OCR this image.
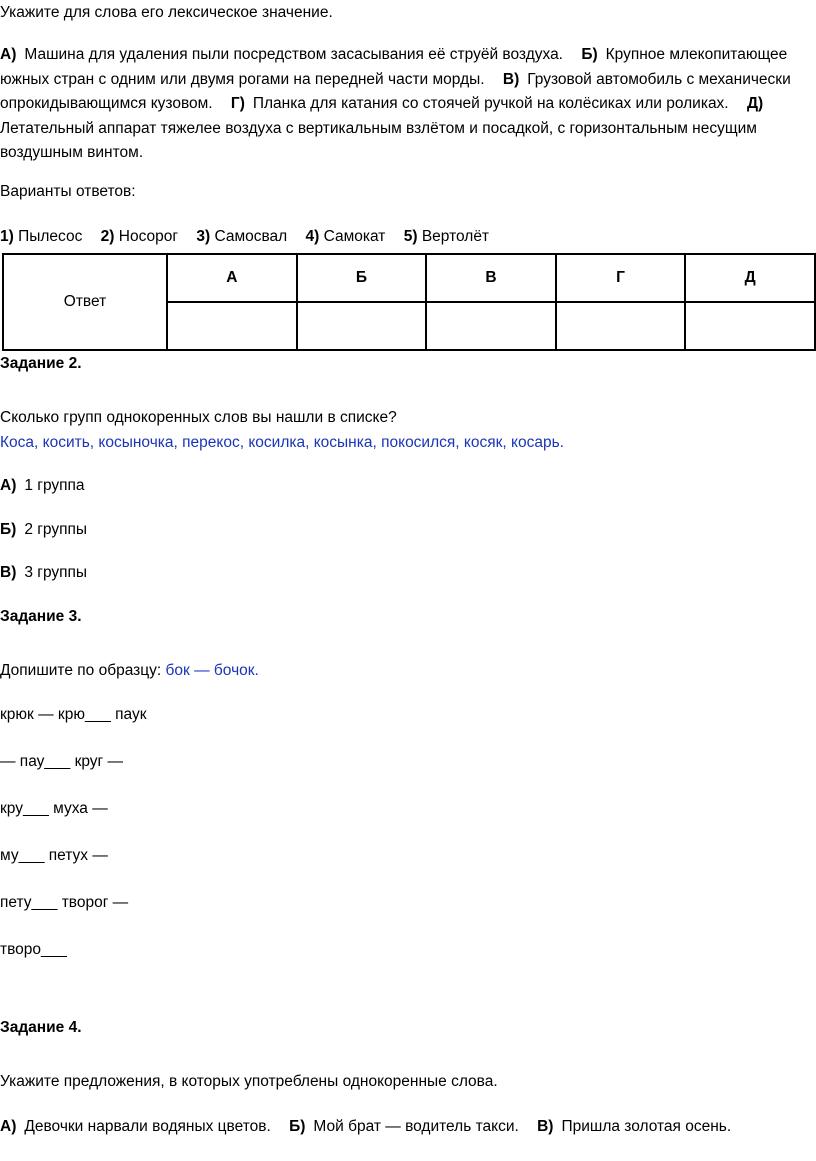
Укажите для слова его лексическое значение.
А) Машина для удаления пыли посредством засасывания её струёй воздуха. Б) Крупное млекопитающее южных стран с одним или двумя рогами на передней части морды. В) Грузовой автомобиль с механически опрокидывающимся кузовом. Г) Планка для катания со стоячей ручкой на колёсиках или роликах. Д)Летательный аппарат тяжелее воздуха с вертикальным взлётом и посадкой, с горизонтальным несущим воздушным винтом.
Варианты ответов:
1) Пылесос 2) Носорог 3) Самосвал 4) Самокат 5) Вертолёт
Ответ	А	Б	В	Г	Д

Задание 2.
Сколько групп однокоренных слов вы нашли в списке?
Коса, косить, косыночка, перекос, косилка, косынка, покосился, косяк, косарь.
А) 1 группа
Б) 2 группы
В) 3 группы
Задание 3.
Допишите по образцу: бок — бочок.
крюк — крю___ паук
— пау___ круг —
кру___ муха —
му___ петух —
пету___ творог —
творо___
Задание 4.
Укажите предложения, в которых употреблены однокоренные слова.
А) Девочки нарвали водяных цветов. Б) Мой брат — водитель такси. В) Пришла золотая осень.
